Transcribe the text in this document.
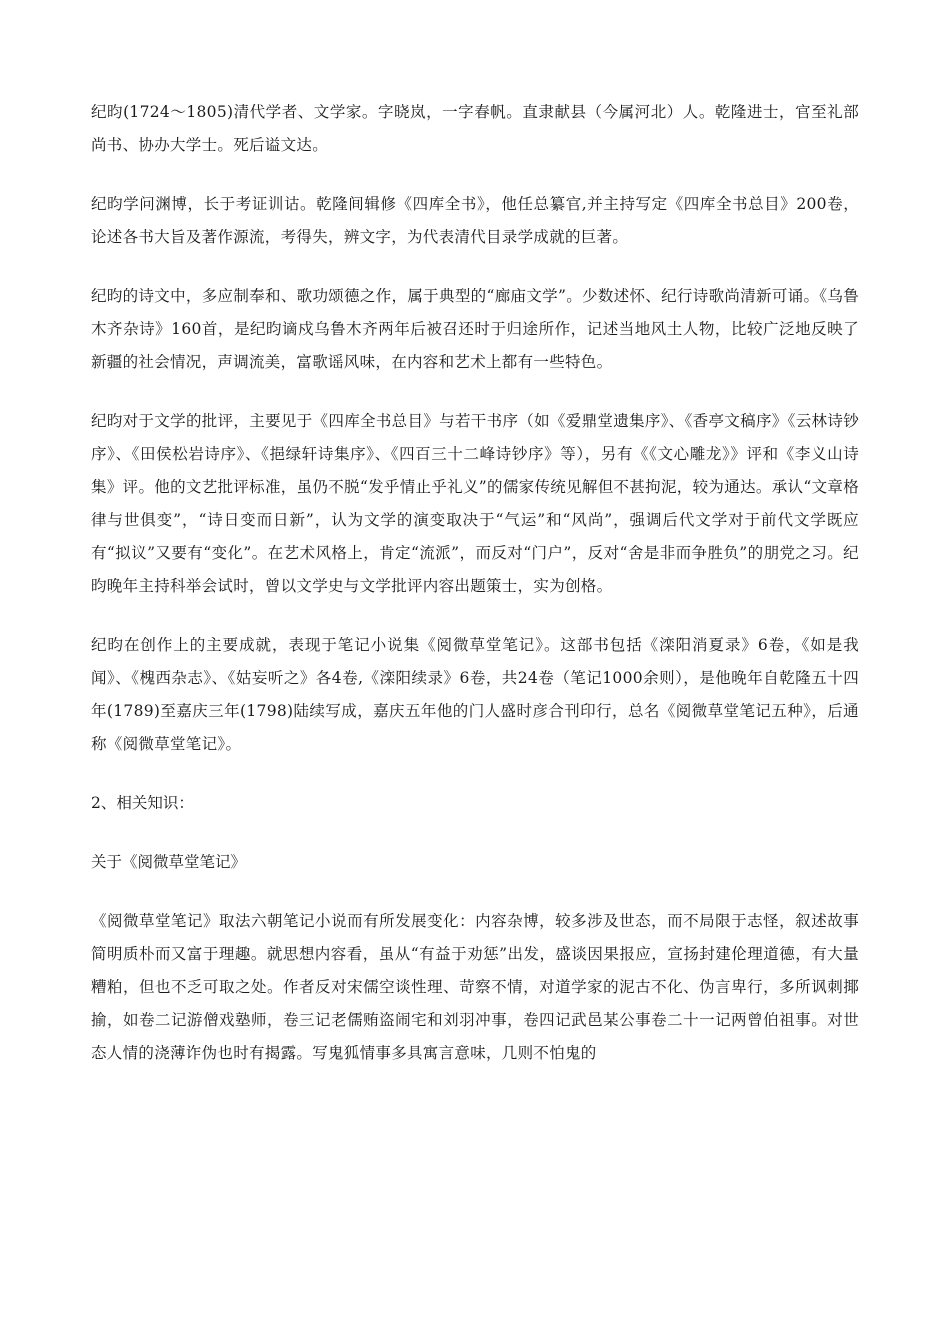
纪昀(1724～1805)清代学者、文学家。字晓岚，一字春帆。直隶献县（今属河北）人。乾隆进士，官至礼部尚书、协办大学士。死后谥文达。

纪昀学问渊博，长于考证训诂。乾隆间辑修《四库全书》，他任总纂官,并主持写定《四库全书总目》200卷，论述各书大旨及著作源流，考得失，辨文字，为代表清代目录学成就的巨著。

纪昀的诗文中，多应制奉和、歌功颂德之作，属于典型的“廊庙文学”。少数述怀、纪行诗歌尚清新可诵。《乌鲁木齐杂诗》160首，是纪昀谪戍乌鲁木齐两年后被召还时于归途所作，记述当地风土人物，比较广泛地反映了新疆的社会情况，声调流美，富歌谣风味，在内容和艺术上都有一些特色。

纪昀对于文学的批评，主要见于《四库全书总目》与若干书序（如《爱鼎堂遗集序》、《香亭文稿序》《云林诗钞序》、《田侯松岩诗序》、《挹绿轩诗集序》、《四百三十二峰诗钞序》等），另有《《文心雕龙》》评和《李义山诗集》评。他的文艺批评标准，虽仍不脱“发乎情止乎礼义”的儒家传统见解但不甚拘泥，较为通达。承认“文章格律与世俱变”，“诗日变而日新”，认为文学的演变取决于“气运”和“风尚”，强调后代文学对于前代文学既应有“拟议”又要有“变化”。在艺术风格上，肯定“流派”，而反对“门户”，反对“舍是非而争胜负”的朋党之习。纪昀晚年主持科举会试时，曾以文学史与文学批评内容出题策士，实为创格。

纪昀在创作上的主要成就，表现于笔记小说集《阅微草堂笔记》。这部书包括《滦阳消夏录》6卷，《如是我闻》、《槐西杂志》、《姑妄听之》各4卷,《滦阳续录》6卷，共24卷（笔记1000余则），是他晚年自乾隆五十四年(1789)至嘉庆三年(1798)陆续写成，嘉庆五年他的门人盛时彦合刊印行，总名《阅微草堂笔记五种》，后通称《阅微草堂笔记》。

2、相关知识：

关于《阅微草堂笔记》

《阅微草堂笔记》取法六朝笔记小说而有所发展变化：内容杂博，较多涉及世态，而不局限于志怪，叙述故事简明质朴而又富于理趣。就思想内容看，虽从“有益于劝惩”出发，盛谈因果报应，宣扬封建伦理道德，有大量糟粕，但也不乏可取之处。作者反对宋儒空谈性理、苛察不情，对道学家的泥古不化、伪言卑行，多所讽刺揶揄，如卷二记游僧戏塾师，卷三记老儒贿盗闹宅和刘羽冲事，卷四记武邑某公事卷二十一记两曾伯祖事。对世态人情的浇薄诈伪也时有揭露。写鬼狐情事多具寓言意味，几则不怕鬼的
